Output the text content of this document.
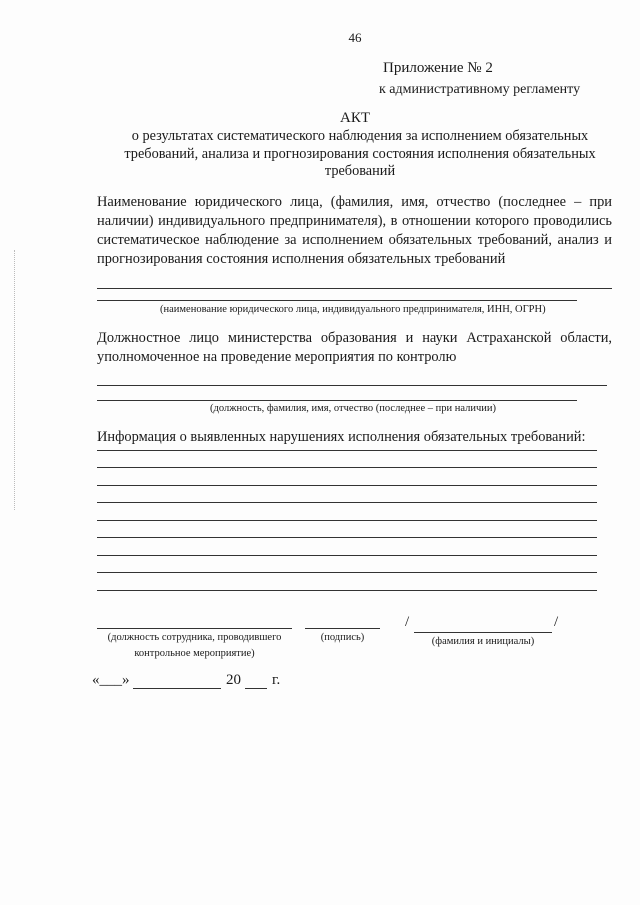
46
Приложение № 2
к административному регламенту
АКТ
о результатах систематического наблюдения за исполнением обязательных требований, анализа и прогнозирования состояния исполнения обязательных требований
Наименование юридического лица, (фамилия, имя, отчество (последнее – при наличии) индивидуального предпринимателя), в отношении которого проводились систематическое наблюдение за исполнением обязательных требований, анализ и прогнозирования состояния исполнения обязательных требований
(наименование юридического лица, индивидуального предпринимателя, ИНН, ОГРН)
Должностное лицо министерства образования и науки Астраханской области, уполномоченное на проведение мероприятия по контролю
(должность, фамилия, имя, отчество (последнее – при наличии)
Информация о выявленных нарушениях исполнения обязательных требований:
(должность сотрудника, проводившего контрольное мероприятие)
(подпись)
/	/
(фамилия и инициалы)
«___»	20 г.
